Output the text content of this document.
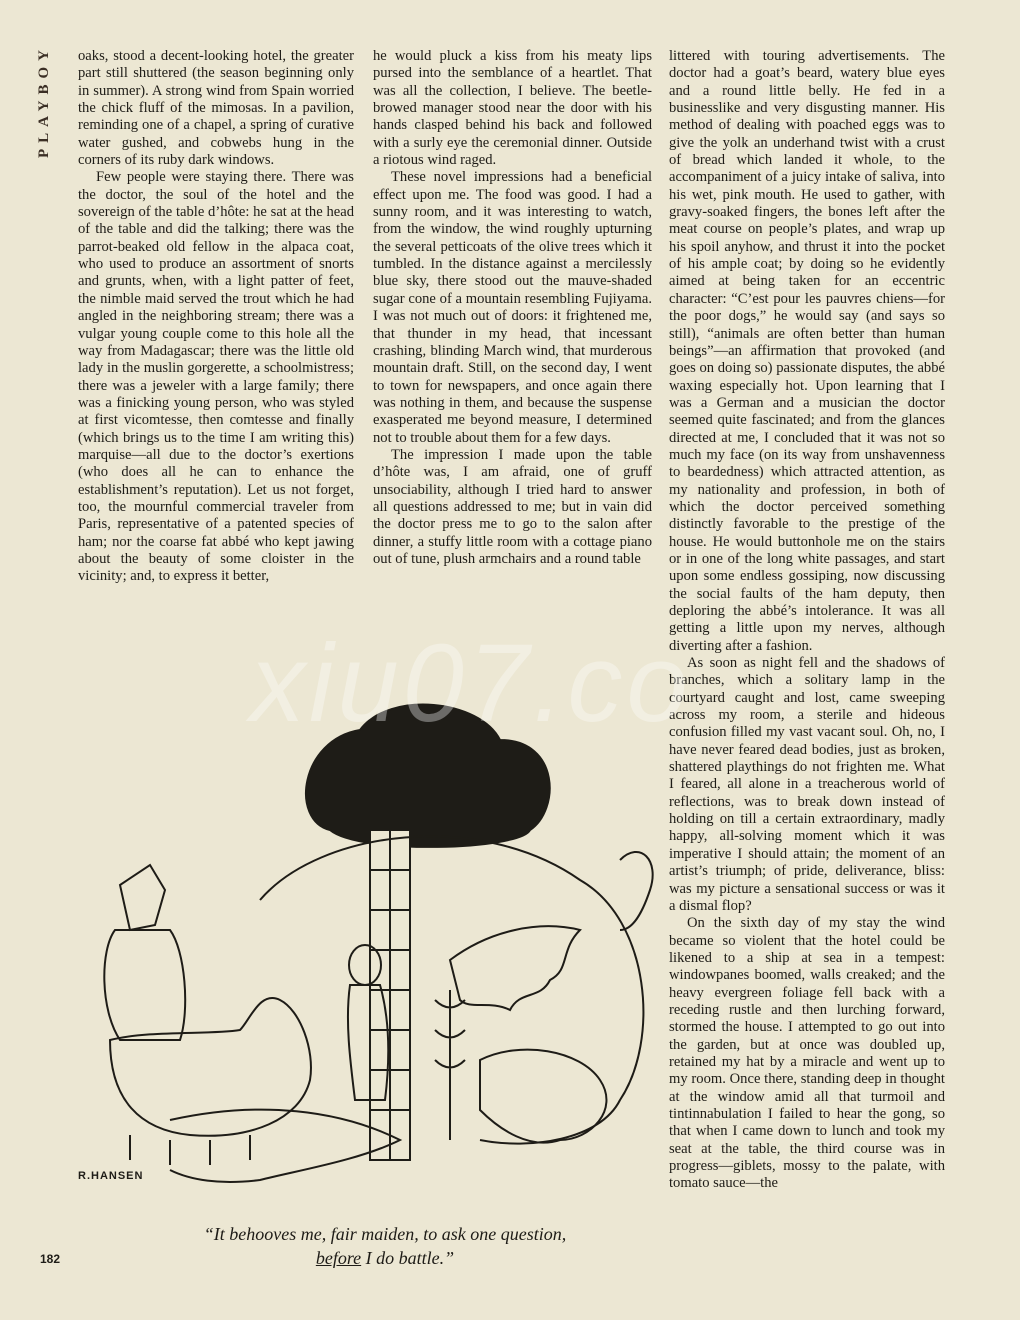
PLAYBOY oaks, stood a decent-looking hotel, the greater part still shuttered (the season beginning only in summer). A strong wind from Spain worried the chick fluff of the mimosas. In a pavilion, reminding one of a chapel, a spring of curative water gushed, and cobwebs hung in the corners of its ruby dark windows.

Few people were staying there. There was the doctor, the soul of the hotel and the sovereign of the table d’hôte: he sat at the head of the table and did the talking; there was the parrot-beaked old fellow in the alpaca coat, who used to produce an assortment of snorts and grunts, when, with a light patter of feet, the nimble maid served the trout which he had angled in the neighboring stream; there was a vulgar young couple come to this hole all the way from Madagascar; there was the little old lady in the muslin gorgerette, a schoolmistress; there was a jeweler with a large family; there was a finicking young person, who was styled at first vicomtesse, then comtesse and finally (which brings us to the time I am writing this) marquise—all due to the doctor’s exertions (who does all he can to enhance the establishment’s reputation). Let us not forget, too, the mournful commercial traveler from Paris, representative of a patented species of ham; nor the coarse fat abbé who kept jawing about the beauty of some cloister in the vicinity; and, to express it better,

he would pluck a kiss from his meaty lips pursed into the semblance of a heartlet. That was all the collection, I believe. The beetle-browed manager stood near the door with his hands clasped behind his back and followed with a surly eye the ceremonial dinner. Outside a riotous wind raged.

These novel impressions had a beneficial effect upon me. The food was good. I had a sunny room, and it was interesting to watch, from the window, the wind roughly upturning the several petticoats of the olive trees which it tumbled. In the distance against a mercilessly blue sky, there stood out the mauve-shaded sugar cone of a mountain resembling Fujiyama. I was not much out of doors: it frightened me, that thunder in my head, that incessant crashing, blinding March wind, that murderous mountain draft. Still, on the second day, I went to town for newspapers, and once again there was nothing in them, and because the suspense exasperated me beyond measure, I determined not to trouble about them for a few days.

The impression I made upon the table d’hôte was, I am afraid, one of gruff unsociability, although I tried hard to answer all questions addressed to me; but in vain did the doctor press me to go to the salon after dinner, a stuffy little room with a cottage piano out of tune, plush armchairs and a round table

littered with touring advertisements. The doctor had a goat’s beard, watery blue eyes and a round little belly. He fed in a businesslike and very disgusting manner. His method of dealing with poached eggs was to give the yolk an underhand twist with a crust of bread which landed it whole, to the accompaniment of a juicy intake of saliva, into his wet, pink mouth. He used to gather, with gravy-soaked fingers, the bones left after the meat course on people’s plates, and wrap up his spoil anyhow, and thrust it into the pocket of his ample coat; by doing so he evidently aimed at being taken for an eccentric character: “C’est pour les pauvres chiens—for the poor dogs,” he would say (and says so still), “animals are often better than human beings”—an affirmation that provoked (and goes on doing so) passionate disputes, the abbé waxing especially hot. Upon learning that I was a German and a musician the doctor seemed quite fascinated; and from the glances directed at me, I concluded that it was not so much my face (on its way from unshavenness to beardedness) which attracted attention, as my nationality and profession, in both of which the doctor perceived something distinctly favorable to the prestige of the house. He would buttonhole me on the stairs or in one of the long white passages, and start upon some endless gossiping, now discussing the social faults of the ham deputy, then deploring the abbé’s intolerance. It was all getting a little upon my nerves, although diverting after a fashion.

As soon as night fell and the shadows of branches, which a solitary lamp in the courtyard caught and lost, came sweeping across my room, a sterile and hideous confusion filled my vast vacant soul. Oh, no, I have never feared dead bodies, just as broken, shattered playthings do not frighten me. What I feared, all alone in a treacherous world of reflections, was to break down instead of holding on till a certain extraordinary, madly happy, all-solving moment which it was imperative I should attain; the moment of an artist’s triumph; of pride, deliverance, bliss: was my picture a sensational success or was it a dismal flop?

On the sixth day of my stay the wind became so violent that the hotel could be likened to a ship at sea in a tempest: windowpanes boomed, walls creaked; and the heavy evergreen foliage fell back with a receding rustle and then lurching forward, stormed the house. I attempted to go out into the garden, but at once was doubled up, retained my hat by a miracle and went up to my room. Once there, standing deep in thought at the window amid all that turmoil and tintinnabulation I failed to hear the gong, so that when I came down to lunch and took my seat at the table, the third course was in progress—giblets, mossy to the palate, with tomato sauce—the

R.HANSEN
“It behooves me, fair maiden, to ask one question, before I do battle.”
182
xiu07.co
